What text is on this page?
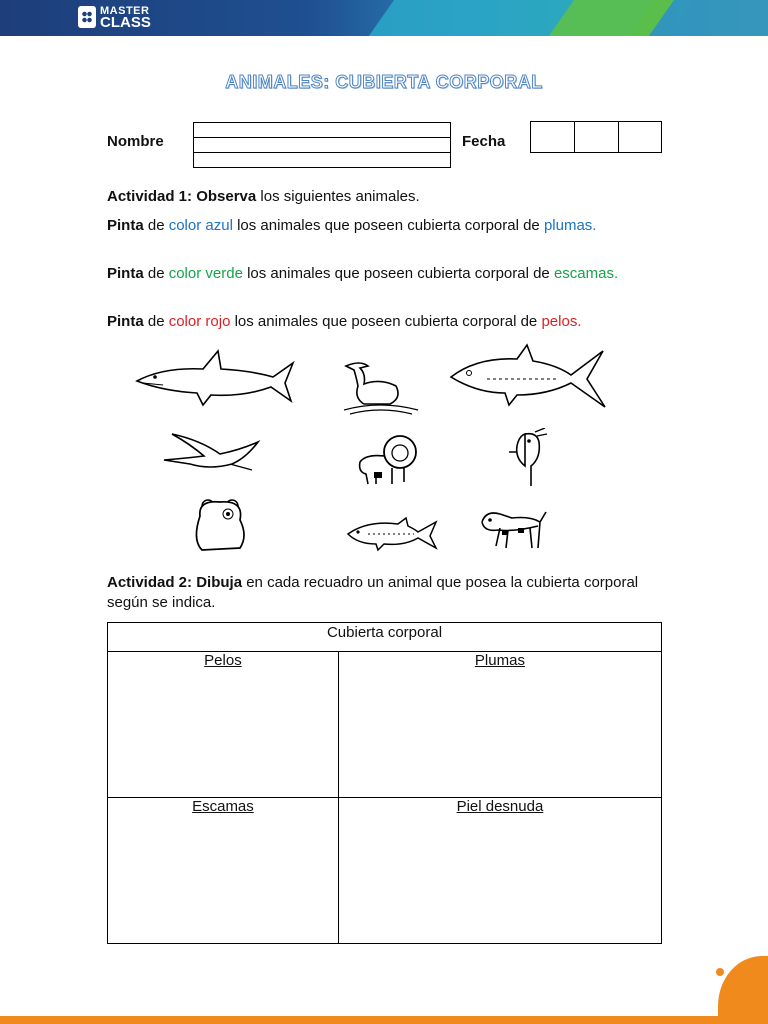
MASTER
CLASS
ANIMALES: CUBIERTA CORPORAL
Nombre	Fecha
Actividad 1: Observa los siguientes animales.
Pinta de color azul los animales que poseen cubierta corporal de plumas.
Pinta de color verde los animales que poseen cubierta corporal de escamas.
Pinta de color rojo los animales que poseen cubierta corporal de pelos.
Actividad 2: Dibuja en cada recuadro un animal que posea la cubierta corporal según se indica.
Cubierta corporal	
Pelos	Plumas
Escamas	Piel desnuda
